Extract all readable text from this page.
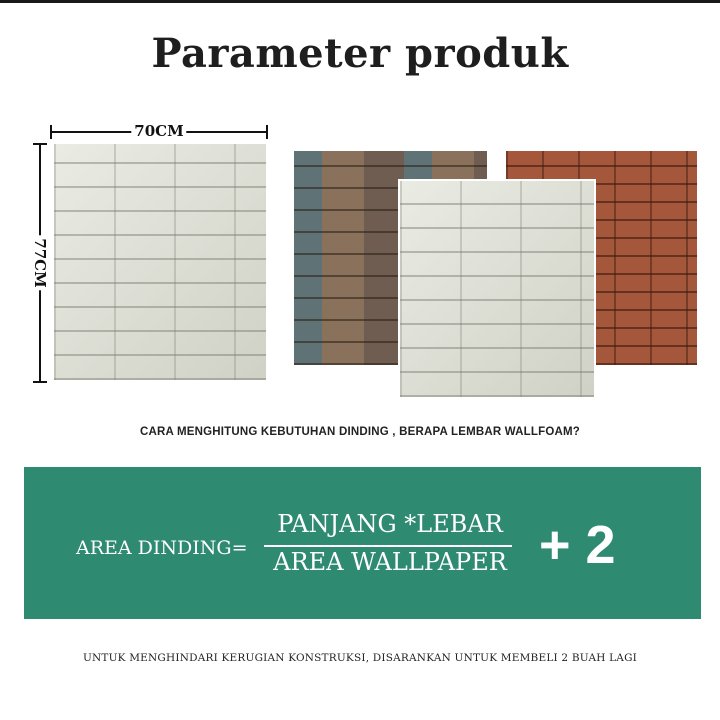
Parameter produk
70CM
77CM
CARA MENGHITUNG KEBUTUHAN DINDING , BERAPA LEMBAR WALLFOAM?
AREA DINDING=
PANJANG *LEBAR
AREA WALLPAPER + 2
UNTUK MENGHINDARI KERUGIAN KONSTRUKSI, DISARANKAN UNTUK MEMBELI 2 BUAH LAGI
